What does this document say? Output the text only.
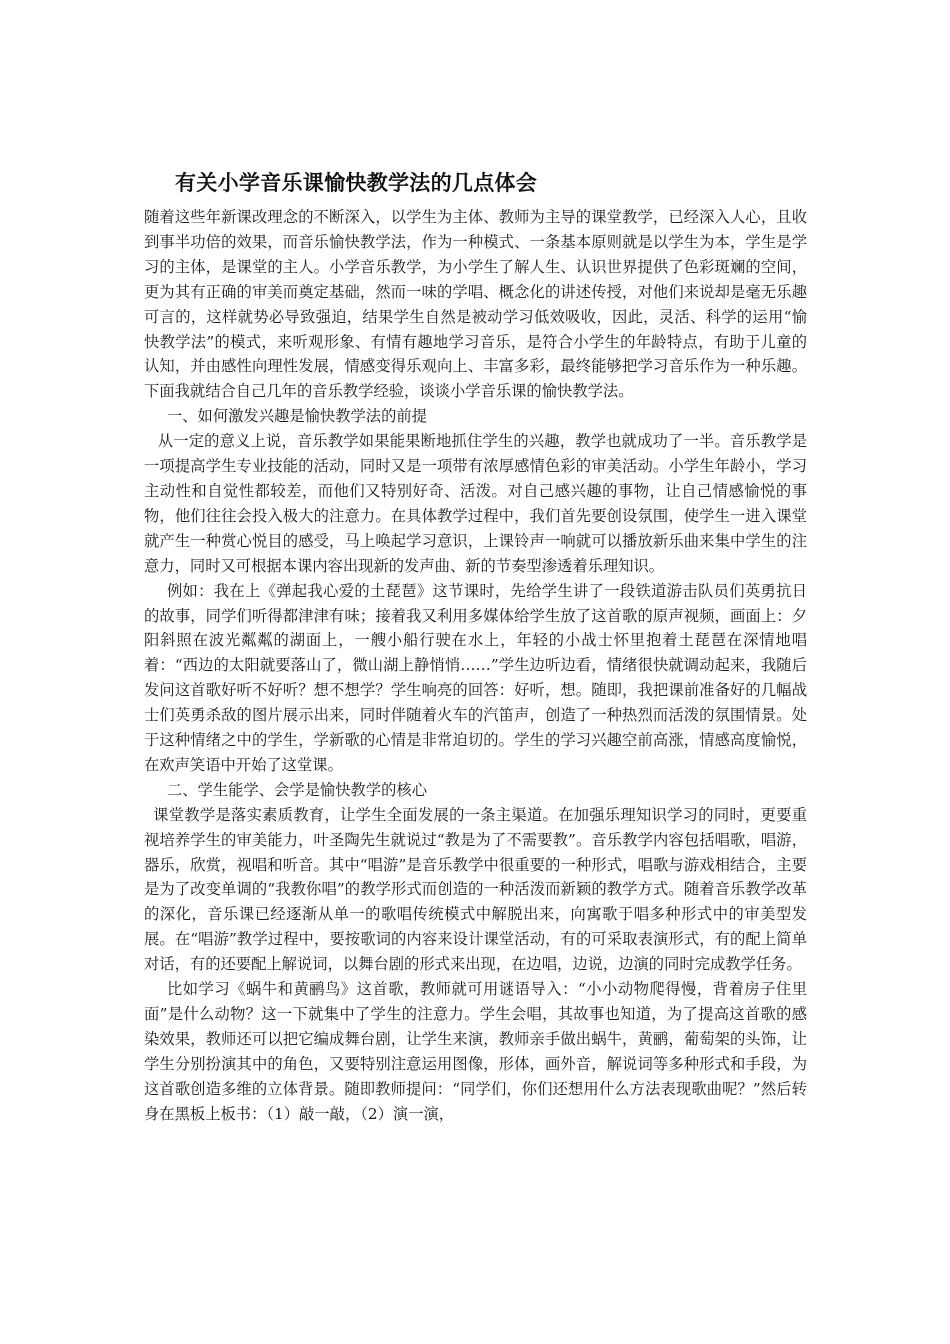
有关小学音乐课愉快教学法的几点体会

随着这些年新课改理念的不断深入，以学生为主体、教师为主导的课堂教学，已经深入人心，且收到事半功倍的效果，而音乐愉快教学法，作为一种模式、一条基本原则就是以学生为本，学生是学习的主体，是课堂的主人。小学音乐教学，为小学生了解人生、认识世界提供了色彩斑斓的空间，更为其有正确的审美而奠定基础，然而一味的学唱、概念化的讲述传授，对他们来说却是毫无乐趣可言的，这样就势必导致强迫，结果学生自然是被动学习低效吸收，因此，灵活、科学的运用“愉快教学法”的模式，来听观形象、有情有趣地学习音乐，是符合小学生的年龄特点，有助于儿童的认知，并由感性向理性发展，情感变得乐观向上、丰富多彩，最终能够把学习音乐作为一种乐趣。下面我就结合自己几年的音乐教学经验，谈谈小学音乐课的愉快教学法。

一、如何激发兴趣是愉快教学法的前提

从一定的意义上说，音乐教学如果能果断地抓住学生的兴趣，教学也就成功了一半。音乐教学是一项提高学生专业技能的活动，同时又是一项带有浓厚感情色彩的审美活动。小学生年龄小，学习主动性和自觉性都较差，而他们又特别好奇、活泼。对自己感兴趣的事物，让自己情感愉悦的事物，他们往往会投入极大的注意力。在具体教学过程中，我们首先要创设氛围，使学生一进入课堂就产生一种赏心悦目的感受，马上唤起学习意识，上课铃声一响就可以播放新乐曲来集中学生的注意力，同时又可根据本课内容出现新的发声曲、新的节奏型渗透着乐理知识。

例如：我在上《弹起我心爱的土琵琶》这节课时，先给学生讲了一段铁道游击队员们英勇抗日的故事，同学们听得都津津有味；接着我又利用多媒体给学生放了这首歌的原声视频，画面上：夕阳斜照在波光粼粼的湖面上，一艘小船行驶在水上，年轻的小战士怀里抱着土琵琶在深情地唱着：“西边的太阳就要落山了，微山湖上静悄悄……”学生边听边看，情绪很快就调动起来，我随后发问这首歌好听不好听？想不想学？学生响亮的回答：好听，想。随即，我把课前准备好的几幅战士们英勇杀敌的图片展示出来，同时伴随着火车的汽笛声，创造了一种热烈而活泼的氛围情景。处于这种情绪之中的学生，学新歌的心情是非常迫切的。学生的学习兴趣空前高涨，情感高度愉悦，在欢声笑语中开始了这堂课。

二、学生能学、会学是愉快教学的核心

课堂教学是落实素质教育，让学生全面发展的一条主渠道。在加强乐理知识学习的同时，更要重视培养学生的审美能力，叶圣陶先生就说过“教是为了不需要教”。音乐教学内容包括唱歌，唱游，器乐，欣赏，视唱和听音。其中“唱游”是音乐教学中很重要的一种形式，唱歌与游戏相结合，主要是为了改变单调的“我教你唱”的教学形式而创造的一种活泼而新颖的教学方式。随着音乐教学改革的深化，音乐课已经逐渐从单一的歌唱传统模式中解脱出来，向寓歌于唱多种形式中的审美型发展。在“唱游”教学过程中，要按歌词的内容来设计课堂活动，有的可采取表演形式，有的配上简单对话，有的还要配上解说词，以舞台剧的形式来出现，在边唱，边说，边演的同时完成教学任务。

比如学习《蜗牛和黄鹂鸟》这首歌，教师就可用谜语导入：“小小动物爬得慢，背着房子住里面”是什么动物？这一下就集中了学生的注意力。学生会唱，其故事也知道，为了提高这首歌的感染效果，教师还可以把它编成舞台剧，让学生来演，教师亲手做出蜗牛，黄鹂，葡萄架的头饰，让学生分别扮演其中的角色，又要特别注意运用图像，形体，画外音，解说词等多种形式和手段，为这首歌创造多维的立体背景。随即教师提问：“同学们，你们还想用什么方法表现歌曲呢？”然后转身在黑板上板书：（1）敲一敲，（2）演一演，
